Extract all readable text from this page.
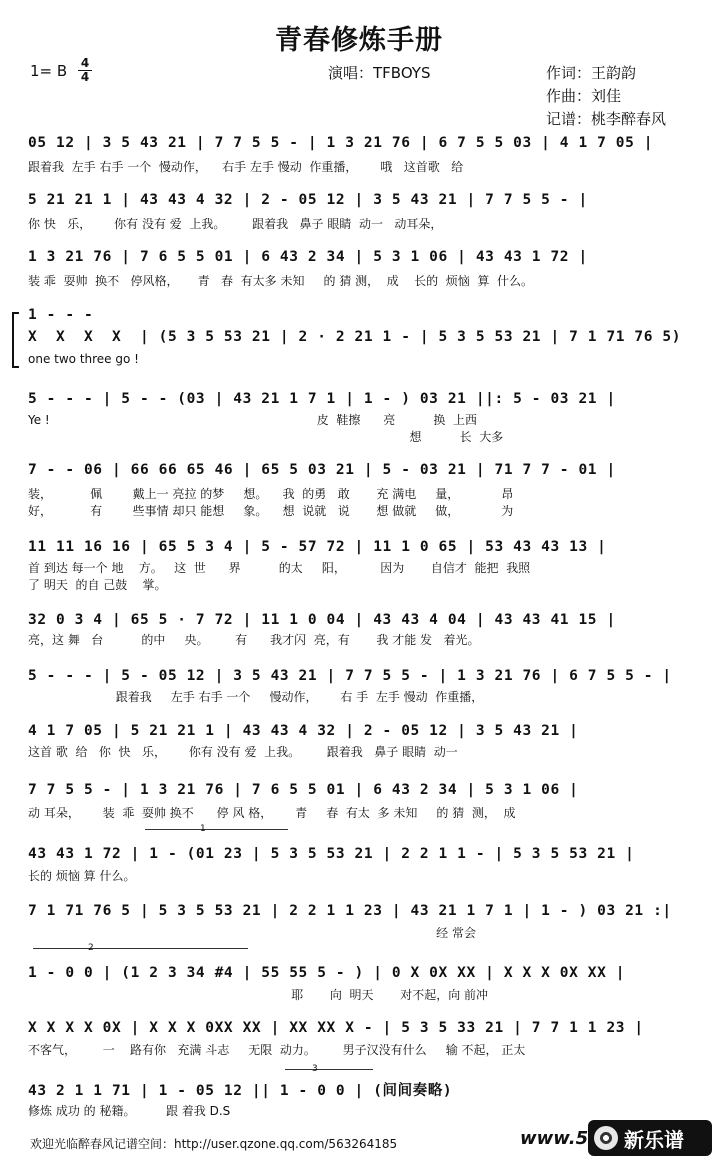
青春修炼手册
1= B 4
4	演唱：TFBOYS	作词：王韵韵
作曲：刘佳
记谱：桃李醉春风
05 12 | 3 5 43 21 | 7 7 5 5 - | 1 3 21 76 | 6 7 5 5 03 | 4 1 7 05 |
跟着我  左手 右手 一个  慢动作，    右手 左手 慢动  作重播，      哦   这首歌   给
5 21 21 1 | 43 43 4 32 | 2 - 05 12 | 3 5 43 21 | 7 7 5 5 - |
你 快   乐，      你有 没有 爱  上我。       跟着我   鼻子 眼睛  动一   动耳朵，
1 3 21 76 | 7 6 5 5 01 | 6 43 2 34 | 5 3 1 06 | 43 43 1 72 |
装 乖  耍帅  换不   停风格，     青   春  有太多 未知     的 猜 测，  成    长的  烦恼  算  什么。
1 - - -
X  X  X  X  | (5 3 5 53 21 | 2 · 2 21 1 - | 5 3 5 53 21 | 7 1 71 76 5)
one two three go !
5 - - - | 5 - - (03 | 43 21 1 7 1 | 1 - ) 03 21 ||: 5 - 03 21 |
Ye !                                                                      皮  鞋擦      亮          换  上西
想          长  大多
7 - - 06 | 66 66 65 46 | 65 5 03 21 | 5 - 03 21 | 71 7 7 - 01 |
装，          佩        戴上一 亮拉 的梦     想。    我  的勇   敢       充 满电     量，           昂
好，          有        些事情 却只 能想     象。    想  说就   说       想 做就     做，           为
11 11 16 16 | 65 5 3 4 | 5 - 57 72 | 11 1 0 65 | 53 43 43 13 |
首 到达 每一个 地    方。   这  世      界          的太     阳，         因为       自信才  能把  我照
了 明天  的自 己鼓    掌。
32 0 3 4 | 65 5 · 7 72 | 11 1 0 04 | 43 43 4 04 | 43 43 41 15 |
亮，这 舞   台          的中     央。       有      我才闪  亮，有       我 才能 发   着光。
5 - - - | 5 - 05 12 | 3 5 43 21 | 7 7 5 5 - | 1 3 21 76 | 6 7 5 5 - |
跟着我     左手 右手 一个     慢动作，      右 手  左手 慢动  作重播，
4 1 7 05 | 5 21 21 1 | 43 43 4 32 | 2 - 05 12 | 3 5 43 21 |
这首 歌  给   你  快   乐，      你有 没有 爱  上我。       跟着我   鼻子 眼睛  动一
7 7 5 5 - | 1 3 21 76 | 7 6 5 5 01 | 6 43 2 34 | 5 3 1 06 |
动 耳朵，      装  乖  耍帅 换不      停 风 格，      青     春  有太  多 未知     的 猜  测，  成
1
43 43 1 72 | 1 - (01 23 | 5 3 5 53 21 | 2 2 1 1 - | 5 3 5 53 21 |
长的 烦恼 算 什么。
7 1 71 76 5 | 5 3 5 53 21 | 2 2 1 1 23 | 43 21 1 7 1 | 1 - ) 03 21 :|
经 常会
2
1 - 0 0 | (1 2 3 34 #4 | 55 55 5 - ) | 0 X 0X XX | X X X 0X XX |
耶       向  明天       对不起，向 前冲
X X X X 0X | X X X 0XX XX | XX XX X - | 5 3 5 33 21 | 7 7 1 1 23 |
不客气，       一    路有你   充满 斗志     无限  动力。       男子汉没有什么     输 不起， 正太
3
43 2 1 1 71 | 1 - 05 12 || 1 - 0 0 | (间间奏略)
修炼 成功 的 秘籍。        跟 着我 D.S
欢迎光临醉春风记谱空间：http://user.qzone.qq.com/563264185	www.5 新乐谱
